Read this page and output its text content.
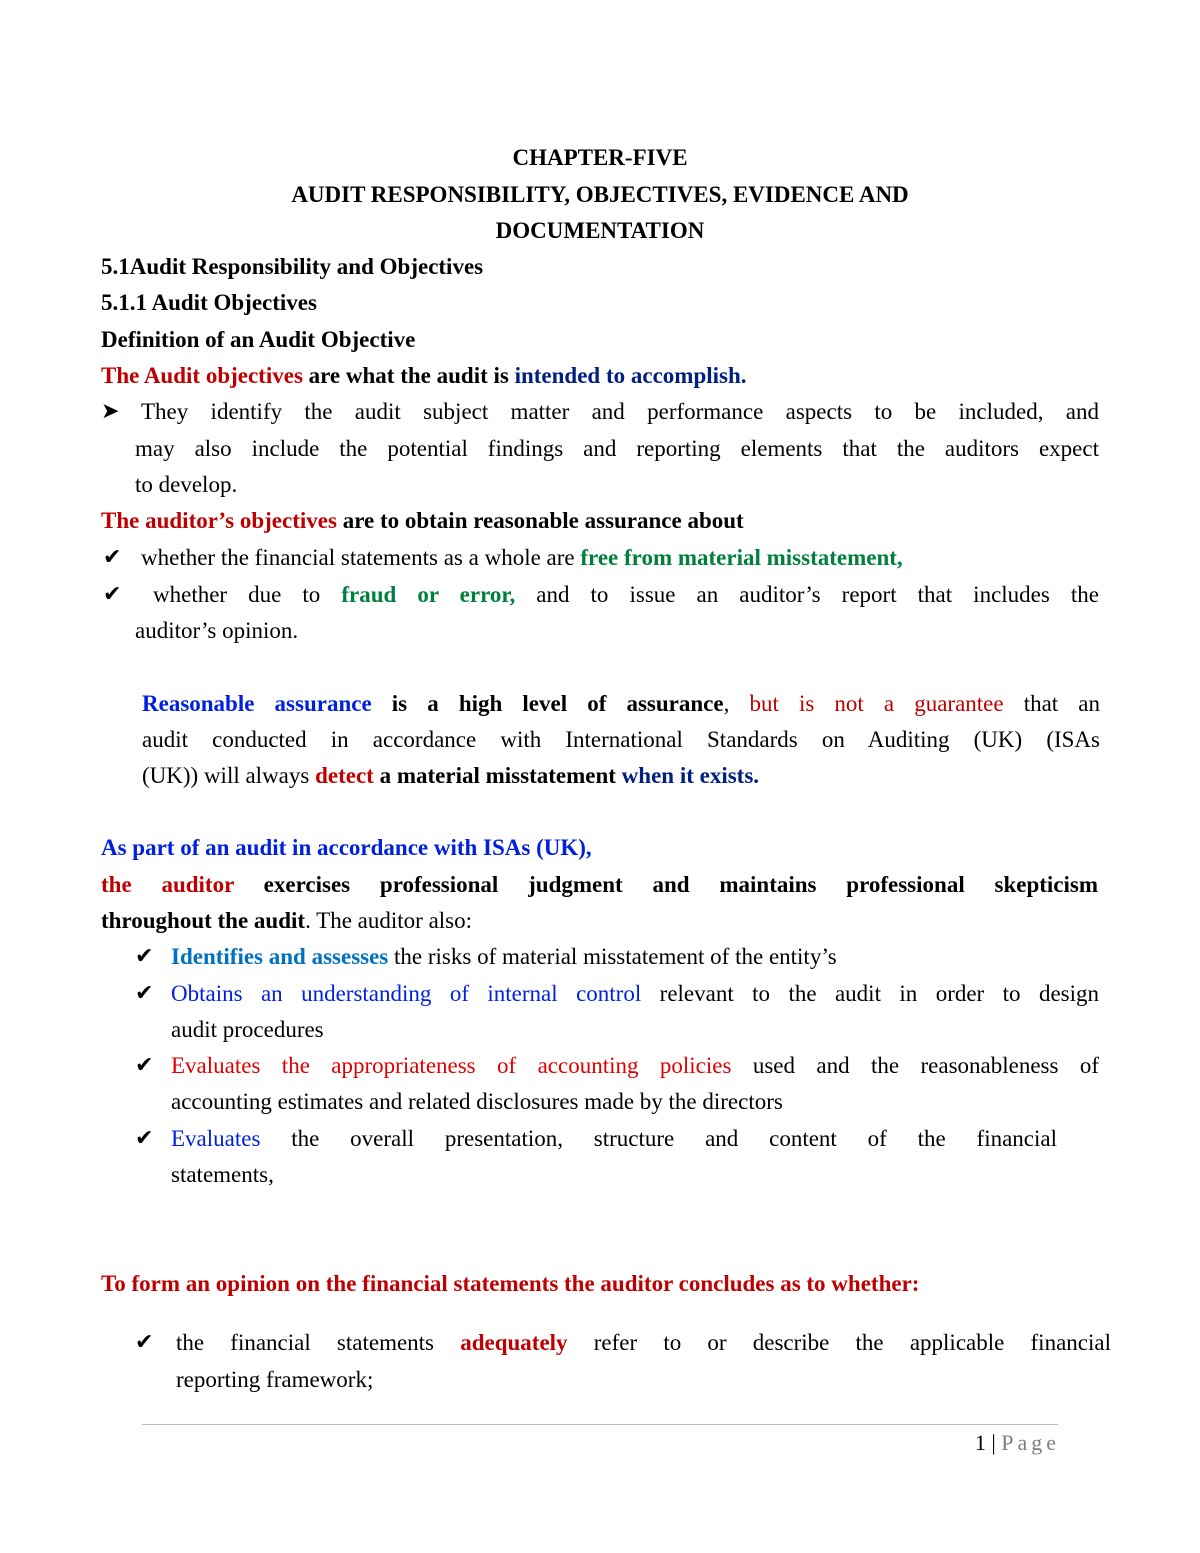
CHAPTER-FIVE
AUDIT RESPONSIBILITY, OBJECTIVES, EVIDENCE AND
DOCUMENTATION
5.1Audit Responsibility and Objectives
5.1.1 Audit Objectives
Definition of an Audit Objective
The Audit objectives are what the audit is intended to accomplish.
➤ They identify the audit subject matter and performance aspects to be included, and
may also include the potential findings and reporting elements that the auditors expect
to develop.
The auditor’s objectives are to obtain reasonable assurance about
✔ whether the financial statements as a whole are free from material misstatement,
✔ whether due to fraud or error, and to issue an auditor’s report that includes the
auditor’s opinion.
Reasonable assurance is a high level of assurance, but is not a guarantee that an
audit conducted in accordance with International Standards on Auditing (UK) (ISAs
(UK)) will always detect a material misstatement when it exists.
As part of an audit in accordance with ISAs (UK),
the auditor exercises professional judgment and maintains professional skepticism
throughout the audit. The auditor also:
✔ Identifies and assesses the risks of material misstatement of the entity’s
✔ Obtains an understanding of internal control relevant to the audit in order to design
audit procedures
✔ Evaluates the appropriateness of accounting policies used and the reasonableness of
accounting estimates and related disclosures made by the directors
✔ Evaluates the overall presentation, structure and content of the financial
statements,
To form an opinion on the financial statements the auditor concludes as to whether:
✔ the financial statements adequately refer to or describe the applicable financial
reporting framework;
1 | Page
